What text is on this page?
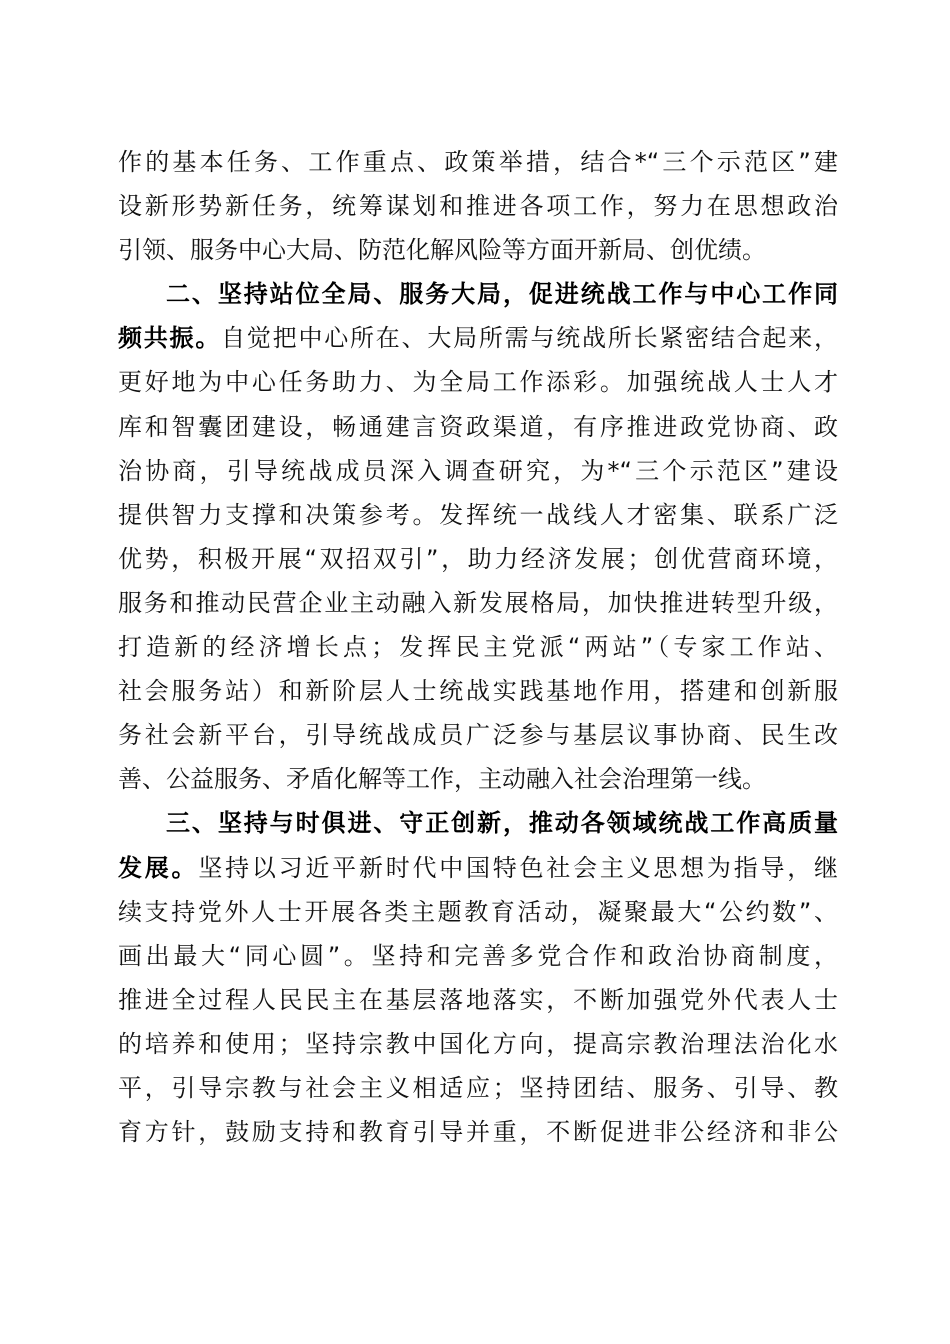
作的基本任务、工作重点、政策举措，结合*“三个示范区”建
设新形势新任务，统筹谋划和推进各项工作，努力在思想政治
引领、服务中心大局、防范化解风险等方面开新局、创优绩。
二、坚持站位全局、服务大局，促进统战工作与中心工作同
频共振。自觉把中心所在、大局所需与统战所长紧密结合起来，
更好地为中心任务助力、为全局工作添彩。加强统战人士人才
库和智囊团建设，畅通建言资政渠道，有序推进政党协商、政
治协商，引导统战成员深入调查研究，为*“三个示范区”建设
提供智力支撑和决策参考。发挥统一战线人才密集、联系广泛
优势，积极开展“双招双引”，助力经济发展；创优营商环境，
服务和推动民营企业主动融入新发展格局，加快推进转型升级，
打造新的经济增长点；发挥民主党派“两站”（专家工作站、
社会服务站）和新阶层人士统战实践基地作用，搭建和创新服
务社会新平台，引导统战成员广泛参与基层议事协商、民生改
善、公益服务、矛盾化解等工作，主动融入社会治理第一线。
三、坚持与时俱进、守正创新，推动各领域统战工作高质量
发展。坚持以习近平新时代中国特色社会主义思想为指导，继
续支持党外人士开展各类主题教育活动，凝聚最大“公约数”、
画出最大“同心圆”。坚持和完善多党合作和政治协商制度，
推进全过程人民民主在基层落地落实，不断加强党外代表人士
的培养和使用；坚持宗教中国化方向，提高宗教治理法治化水
平，引导宗教与社会主义相适应；坚持团结、服务、引导、教
育方针，鼓励支持和教育引导并重，不断促进非公经济和非公
